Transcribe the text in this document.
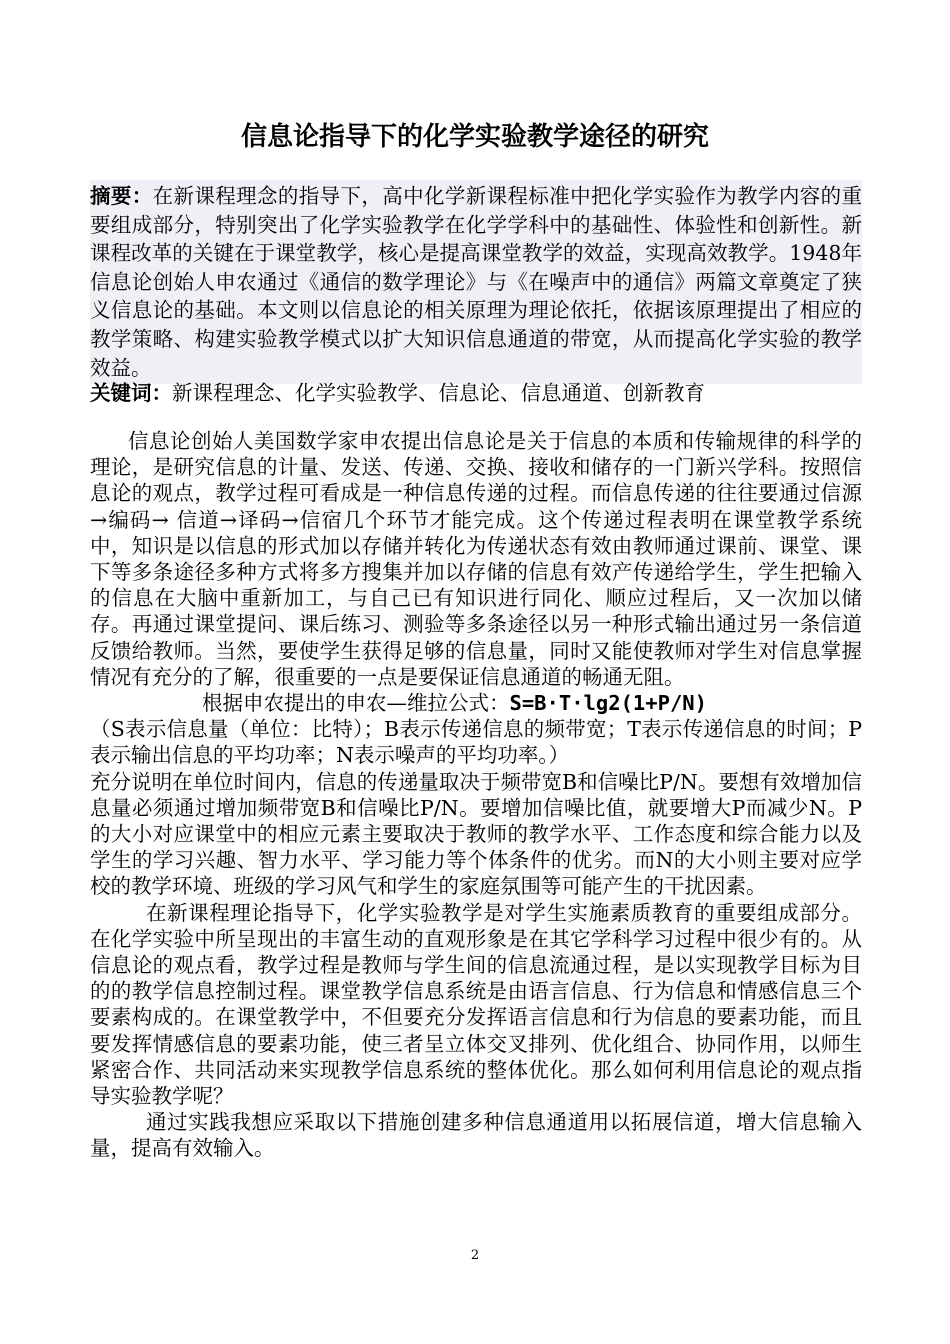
信息论指导下的化学实验教学途径的研究
摘要：在新课程理念的指导下，高中化学新课程标准中把化学实验作为教学内容的重要组成部分，特别突出了化学实验教学在化学学科中的基础性、体验性和创新性。新课程改革的关键在于课堂教学，核心是提高课堂教学的效益，实现高效教学。1948年信息论创始人申农通过《通信的数学理论》与《在噪声中的通信》两篇文章奠定了狭义信息论的基础。本文则以信息论的相关原理为理论依托，依据该原理提出了相应的教学策略、构建实验教学模式以扩大知识信息通道的带宽，从而提高化学实验的教学效益。
关键词：新课程理念、化学实验教学、信息论、信息通道、创新教育

信息论创始人美国数学家申农提出信息论是关于信息的本质和传输规律的科学的理论，是研究信息的计量、发送、传递、交换、接收和储存的一门新兴学科。按照信息论的观点，教学过程可看成是一种信息传递的过程。而信息传递的往往要通过信源→编码→ 信道→译码→信宿几个环节才能完成。这个传递过程表明在课堂教学系统中，知识是以信息的形式加以存储并转化为传递状态有效由教师通过课前、课堂、课下等多条途径多种方式将多方搜集并加以存储的信息有效产传递给学生，学生把输入的信息在大脑中重新加工，与自己已有知识进行同化、顺应过程后，又一次加以储存。再通过课堂提问、课后练习、测验等多条途径以另一种形式输出通过另一条信道反馈给教师。当然，要使学生获得足够的信息量，同时又能使教师对学生对信息掌握情况有充分的了解，很重要的一点是要保证信息通道的畅通无阻。

根据申农提出的申农—维拉公式：S=B·T·lg2(1+P/N)

（S表示信息量（单位：比特）；B表示传递信息的频带宽；T表示传递信息的时间；P表示输出信息的平均功率；N表示噪声的平均功率。）

充分说明在单位时间内，信息的传递量取决于频带宽B和信噪比P/N。要想有效增加信息量必须通过增加频带宽B和信噪比P/N。要增加信噪比值，就要增大P而减少N。P的大小对应课堂中的相应元素主要取决于教师的教学水平、工作态度和综合能力以及学生的学习兴趣、智力水平、学习能力等个体条件的优劣。而N的大小则主要对应学校的教学环境、班级的学习风气和学生的家庭氛围等可能产生的干扰因素。

在新课程理论指导下，化学实验教学是对学生实施素质教育的重要组成部分。在化学实验中所呈现出的丰富生动的直观形象是在其它学科学习过程中很少有的。从信息论的观点看，教学过程是教师与学生间的信息流通过程，是以实现教学目标为目的的教学信息控制过程。课堂教学信息系统是由语言信息、行为信息和情感信息三个要素构成的。在课堂教学中，不但要充分发挥语言信息和行为信息的要素功能，而且要发挥情感信息的要素功能，使三者呈立体交叉排列、优化组合、协同作用，以师生紧密合作、共同活动来实现教学信息系统的整体优化。那么如何利用信息论的观点指导实验教学呢？

通过实践我想应采取以下措施创建多种信息通道用以拓展信道，增大信息输入量，提高有效输入。

2
